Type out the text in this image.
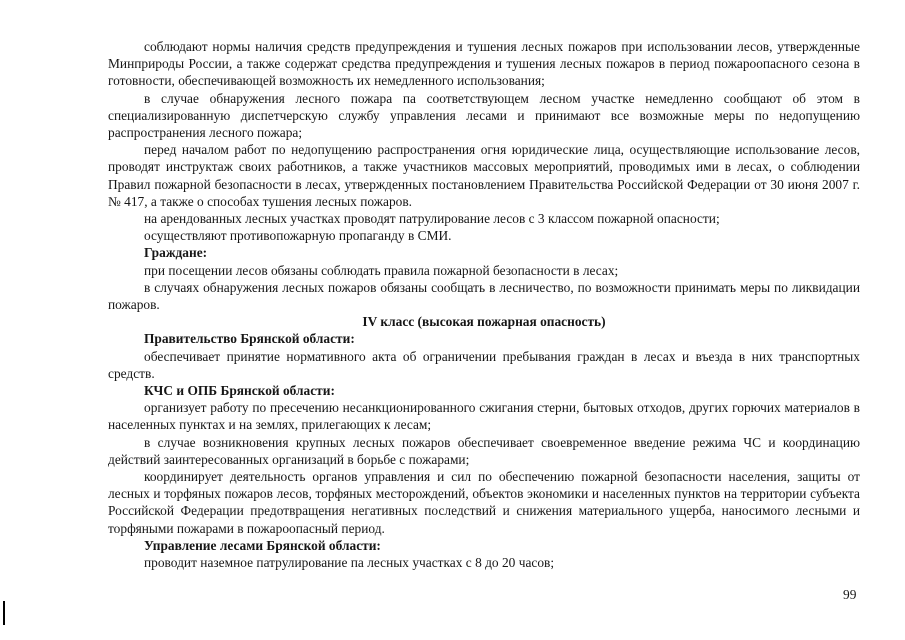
соблюдают нормы наличия средств предупреждения и тушения лесных пожаров при использовании лесов, утвержденные Минприроды России, а также содержат средства предупреждения и тушения лесных пожаров в период пожароопасного сезона в готовности, обеспечивающей возможность их немедленного использования;

в случае обнаружения лесного пожара па соответствующем лесном участке немедленно сообщают об этом в специализированную диспетчерскую службу управления лесами и принимают все возможные меры по недопущению распространения лесного пожара;

перед началом работ по недопущению распространения огня юридические лица, осуществляющие использование лесов, проводят инструктаж своих работников, а также участников массовых мероприятий, проводимых ими в лесах, о соблюдении Правил пожарной безопасности в лесах, утвержденных постановлением Правительства Российской Федерации от 30 июня 2007 г. № 417, а также о способах тушения лесных пожаров.

на арендованных лесных участках проводят патрулирование лесов с 3 классом пожарной опасности;

осуществляют противопожарную пропаганду в СМИ.

Граждане:

при посещении лесов обязаны соблюдать правила пожарной безопасности в лесах;

в случаях обнаружения лесных пожаров обязаны сообщать в лесничество, по возможности принимать меры по ликвидации пожаров.

IV класс (высокая пожарная опасность)

Правительство Брянской области:

обеспечивает принятие нормативного акта об ограничении пребывания граждан в лесах и въезда в них транспортных средств.

КЧС и ОПБ Брянской области:

организует работу по пресечению несанкционированного сжигания стерни, бытовых отходов, других горючих материалов в населенных пунктах и на землях, прилегающих к лесам;

в случае возникновения крупных лесных пожаров обеспечивает своевременное введение режима ЧС и координацию действий заинтересованных организаций в борьбе с пожарами;

координирует деятельность органов управления и сил по обеспечению пожарной безопасности населения, защиты от лесных и торфяных пожаров лесов, торфяных месторождений, объектов экономики и населенных пунктов на территории субъекта Российской Федерации предотвращения негативных последствий и снижения материального ущерба, наносимого лесными и торфяными пожарами в пожароопасный период.

Управление лесами Брянской области:

проводит наземное патрулирование па лесных участках с 8 до 20 часов;

99
